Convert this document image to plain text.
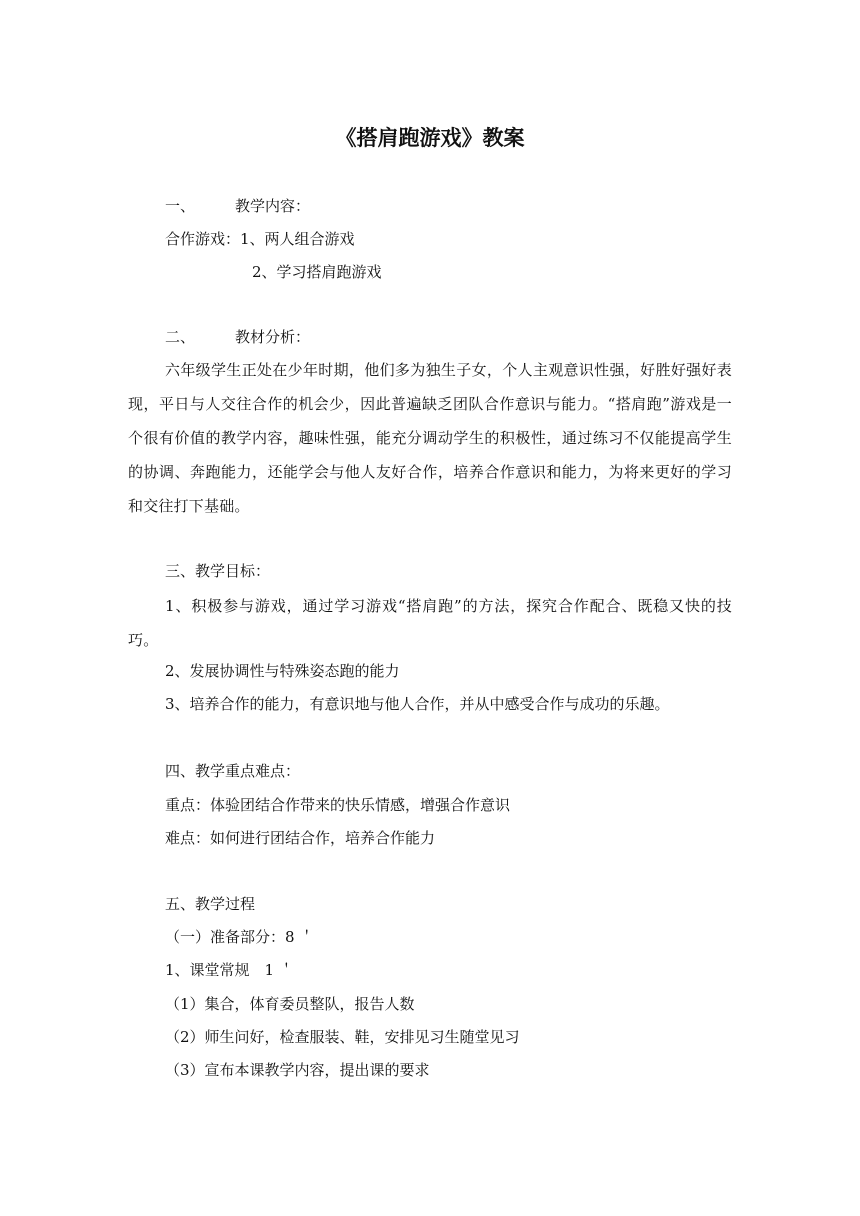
《搭肩跑游戏》教案
一、	教学内容：
合作游戏：1、两人组合游戏
2、学习搭肩跑游戏
二、	教材分析：
六年级学生正处在少年时期，他们多为独生子女，个人主观意识性强，好胜好强好表现，平日与人交往合作的机会少，因此普遍缺乏团队合作意识与能力。“搭肩跑”游戏是一个很有价值的教学内容，趣味性强，能充分调动学生的积极性，通过练习不仅能提高学生的协调、奔跑能力，还能学会与他人友好合作，培养合作意识和能力，为将来更好的学习和交往打下基础。
三、教学目标：
1、积极参与游戏，通过学习游戏“搭肩跑”的方法，探究合作配合、既稳又快的技巧。
2、发展协调性与特殊姿态跑的能力
3、培养合作的能力，有意识地与他人合作，并从中感受合作与成功的乐趣。
四、教学重点难点：
重点：体验团结合作带来的快乐情感，增强合作意识
难点：如何进行团结合作，培养合作能力
五、教学过程
（一）准备部分：8 ＇
1、课堂常规　1 ＇
（1）集合，体育委员整队，报告人数
（2）师生问好，检查服装、鞋，安排见习生随堂见习
（3）宣布本课教学内容，提出课的要求
